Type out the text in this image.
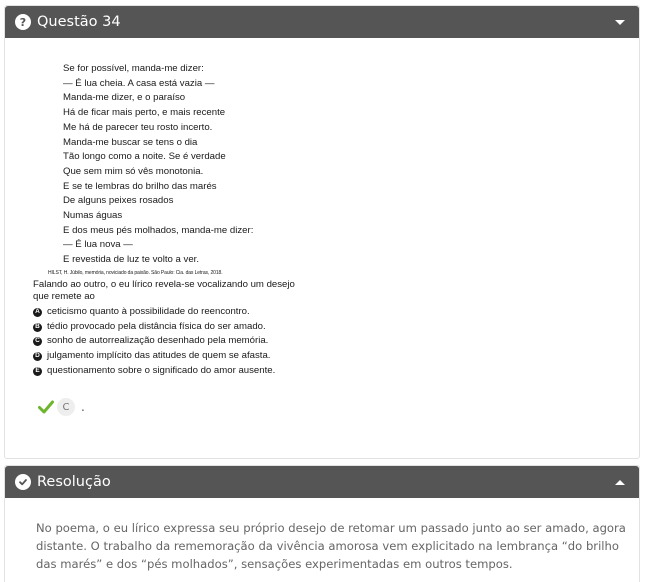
? Questão 34
Se for possível, manda-me dizer:
— É lua cheia. A casa está vazia —
Manda-me dizer, e o paraíso
Há de ficar mais perto, e mais recente
Me há de parecer teu rosto incerto.
Manda-me buscar se tens o dia
Tão longo como a noite. Se é verdade
Que sem mim só vês monotonia.
E se te lembras do brilho das marés
De alguns peixes rosados
Numas águas
E dos meus pés molhados, manda-me dizer:
— É lua nova —
E revestida de luz te volto a ver.
HILST, H. Júbilo, memória, noviciado da paixão. São Paulo: Cia. das Letras, 2018.
Falando ao outro, o eu lírico revela-se vocalizando um desejo que remete ao
A ceticismo quanto à possibilidade do reencontro.
B tédio provocado pela distância física do ser amado.
C sonho de autorrealização desenhado pela memória.
D julgamento implícito das atitudes de quem se afasta.
E questionamento sobre o significado do amor ausente.
C .
Resolução
No poema, o eu lírico expressa seu próprio desejo de retomar um passado junto ao ser amado, agora distante. O trabalho da rememoração da vivência amorosa vem explicitado na lembrança “do brilho das marés” e dos “pés molhados”, sensações experimentadas em outros tempos.
